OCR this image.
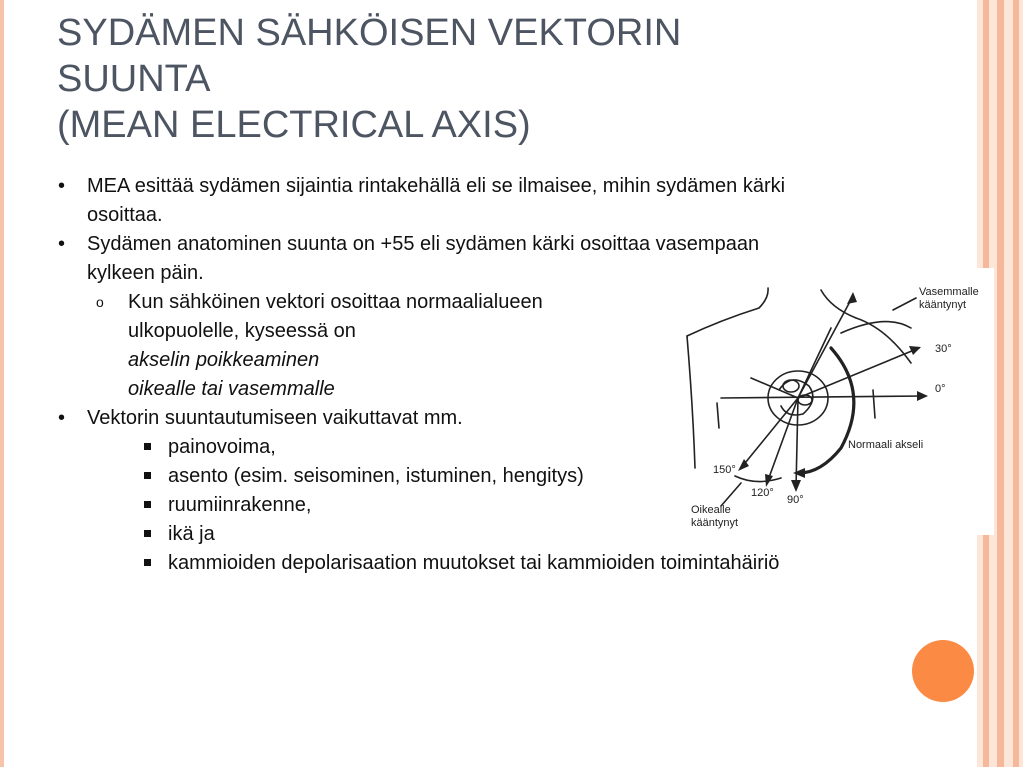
SYDÄMEN SÄHKÖISEN VEKTORIN
SUUNTA
(MEAN ELECTRICAL AXIS)
• MEA esittää sydämen sijaintia rintakehällä eli se ilmaisee, mihin sydämen kärki osoittaa.
• Sydämen anatominen suunta on +55 eli sydämen kärki osoittaa vasempaan kylkeen päin.
o Kun sähköinen vektori osoittaa normaalialueen
ulkopuolelle, kyseessä on
akselin poikkeaminen
oikealle tai vasemmalle
• Vektorin suuntautumiseen vaikuttavat mm.
painovoima,
asento (esim. seisominen, istuminen, hengitys)
ruumiinrakenne,
ikä ja
kammioiden depolarisaation muutokset tai kammioiden toimintahäiriö
Vasemmalle
kääntynyt
30°
0°
Normaali akseli
150°
120°
90°
Oikealle
kääntynyt
